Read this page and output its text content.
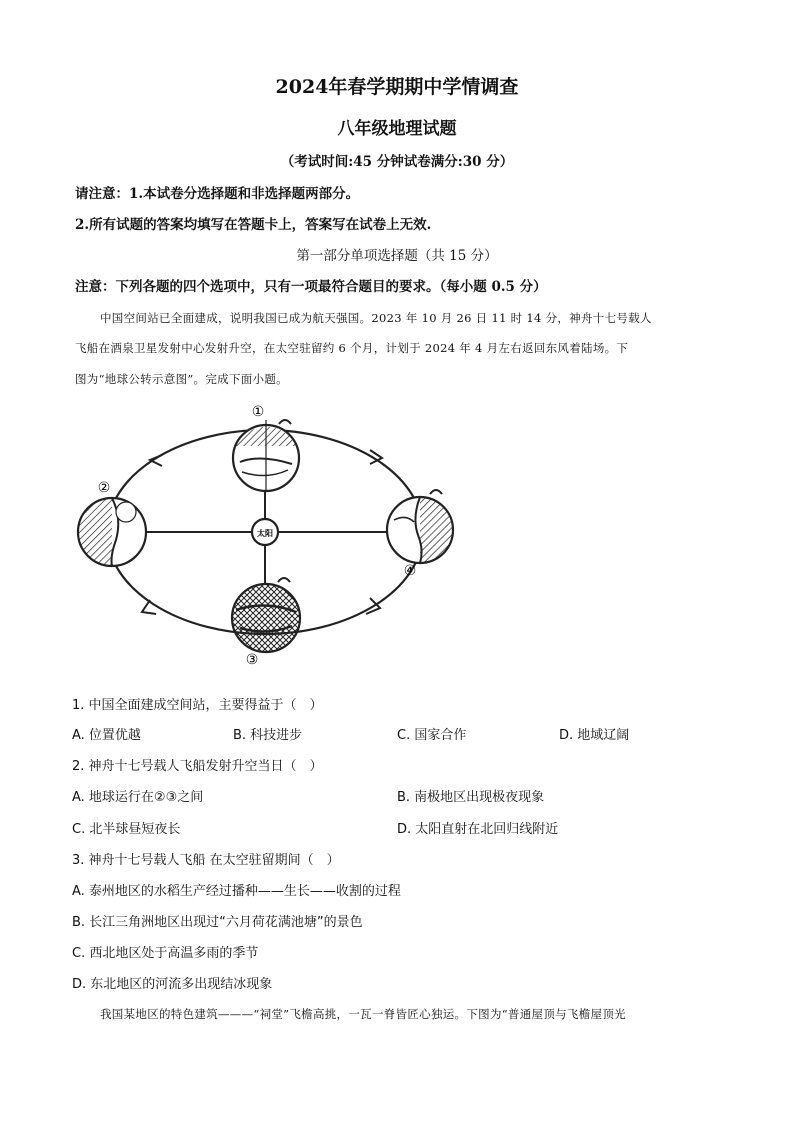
2024年春学期期中学情调查
八年级地理试题
（考试时间:45 分钟试卷满分:30 分）
请注意：1.本试卷分选择题和非选择题两部分。
2.所有试题的答案均填写在答题卡上，答案写在试卷上无效.
第一部分单项选择题（共 15 分）
注意：下列各题的四个选项中，只有一项最符合题目的要求。（每小题 0.5 分）
中国空间站已全面建成，说明我国已成为航天强国。2023 年 10 月 26 日 11 时 14 分，神舟十七号载人
飞船在酒泉卫星发射中心发射升空，在太空驻留约 6 个月，计划于 2024 年 4 月左右返回东风着陆场。下
图为“地球公转示意图”。完成下面小题。
太阳
①
②
④
③
1. 中国全面建成空间站，主要得益于（　）
A. 位置优越	B. 科技进步	C. 国家合作	D. 地域辽阔
2. 神舟十七号载人飞船发射升空当日（　）
A. 地球运行在②③之间	B. 南极地区出现极夜现象
C. 北半球昼短夜长	D. 太阳直射在北回归线附近
3. 神舟十七号载人飞船 在太空驻留期间（　）
A. 泰州地区的水稻生产经过播种——生长——收割的过程
B. 长江三角洲地区出现过“六月荷花满池塘”的景色
C. 西北地区处于高温多雨的季节
D. 东北地区的河流多出现结冰现象
我国某地区的特色建筑———“祠堂”飞檐高挑，一瓦一脊皆匠心独运。下图为“普通屋顶与飞檐屋顶光
